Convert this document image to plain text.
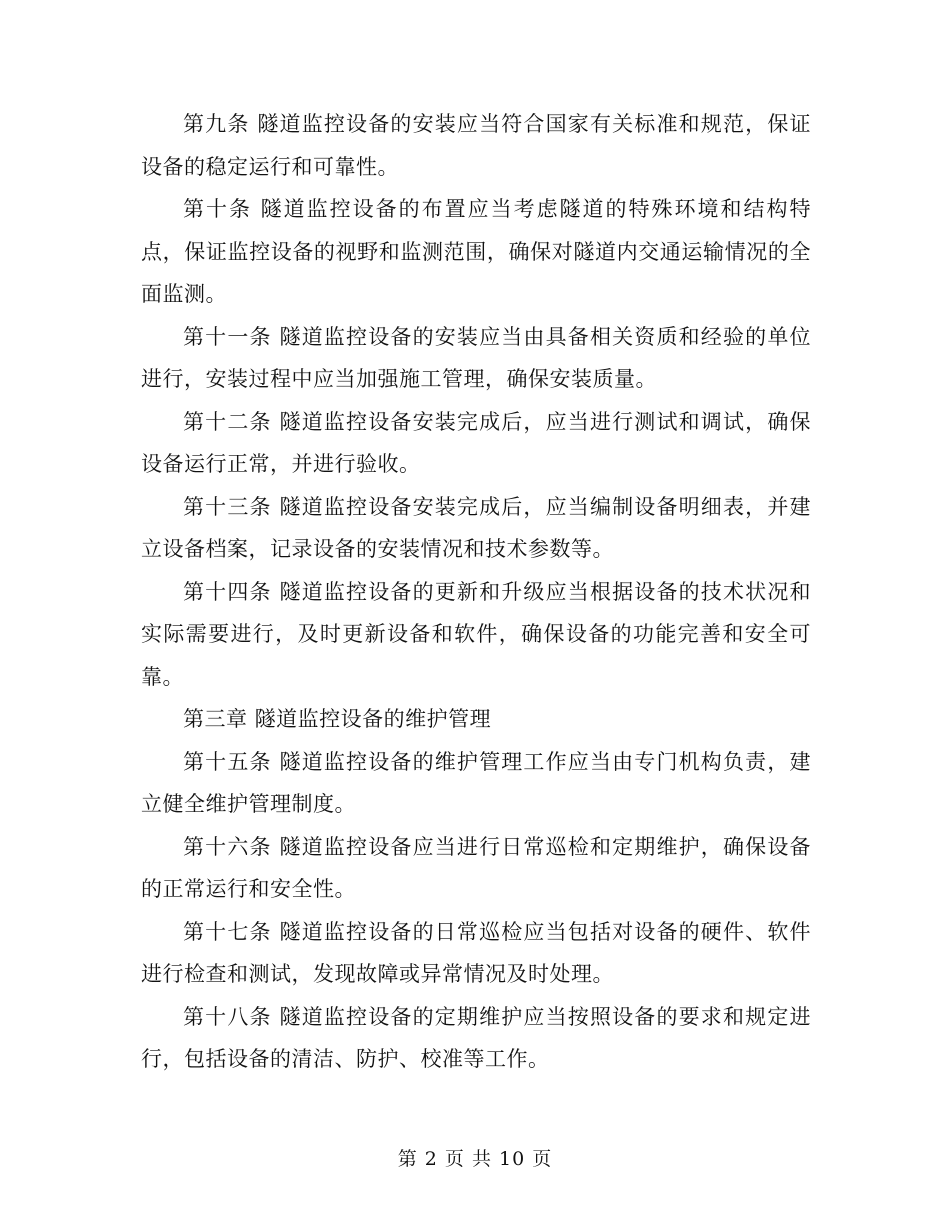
第九条 隧道监控设备的安装应当符合国家有关标准和规范，保证设备的稳定运行和可靠性。

第十条 隧道监控设备的布置应当考虑隧道的特殊环境和结构特点，保证监控设备的视野和监测范围，确保对隧道内交通运输情况的全面监测。

第十一条 隧道监控设备的安装应当由具备相关资质和经验的单位进行，安装过程中应当加强施工管理，确保安装质量。

第十二条 隧道监控设备安装完成后，应当进行测试和调试，确保设备运行正常，并进行验收。

第十三条 隧道监控设备安装完成后，应当编制设备明细表，并建立设备档案，记录设备的安装情况和技术参数等。

第十四条 隧道监控设备的更新和升级应当根据设备的技术状况和实际需要进行，及时更新设备和软件，确保设备的功能完善和安全可靠。

第三章 隧道监控设备的维护管理

第十五条 隧道监控设备的维护管理工作应当由专门机构负责，建立健全维护管理制度。

第十六条 隧道监控设备应当进行日常巡检和定期维护，确保设备的正常运行和安全性。

第十七条 隧道监控设备的日常巡检应当包括对设备的硬件、软件进行检查和测试，发现故障或异常情况及时处理。

第十八条 隧道监控设备的定期维护应当按照设备的要求和规定进行，包括设备的清洁、防护、校准等工作。

第 2 页 共 10 页
